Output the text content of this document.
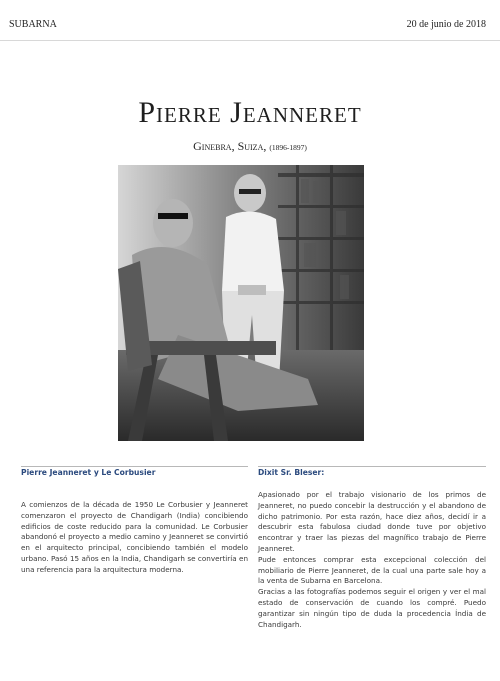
SUBARNA	20 de junio de 2018
Pierre Jeanneret
Ginebra, Suiza, (1896-1897)
Pierre Jeanneret y Le Corbusier

A comienzos de la década de 1950 Le Corbusier y Jeanneret comenzaron el proyecto de Chandigarh (India) concibiendo edificios de coste reducido para la comunidad. Le Corbusier abandonó el proyecto a medio camino y Jeanneret se convirtió en el arquitecto principal, concibiendo también el modelo urbano. Pasó 15 años en la India, Chandigarh se convertiría en una referencia para la arquitectura moderna.

Dixit Sr. Bleser:

Apasionado por el trabajo visionario de los primos de Jeanneret, no puedo concebir la destrucción y el abandono de dicho patrimonio. Por esta razón, hace diez años, decidí ir a descubrir esta fabulosa ciudad donde tuve por objetivo encontrar y traer las piezas del magnífico trabajo de Pierre Jeanneret.

Pude entonces comprar esta excepcional colección del mobiliario de Pierre Jeanneret, de la cual una parte sale hoy a la venta de Subarna en Barcelona.

Gracias a las fotografías podemos seguir el origen y ver el mal estado de conservación de cuando los compré. Puedo garantizar sin ningún tipo de duda la procedencia Índia de Chandigarh.
